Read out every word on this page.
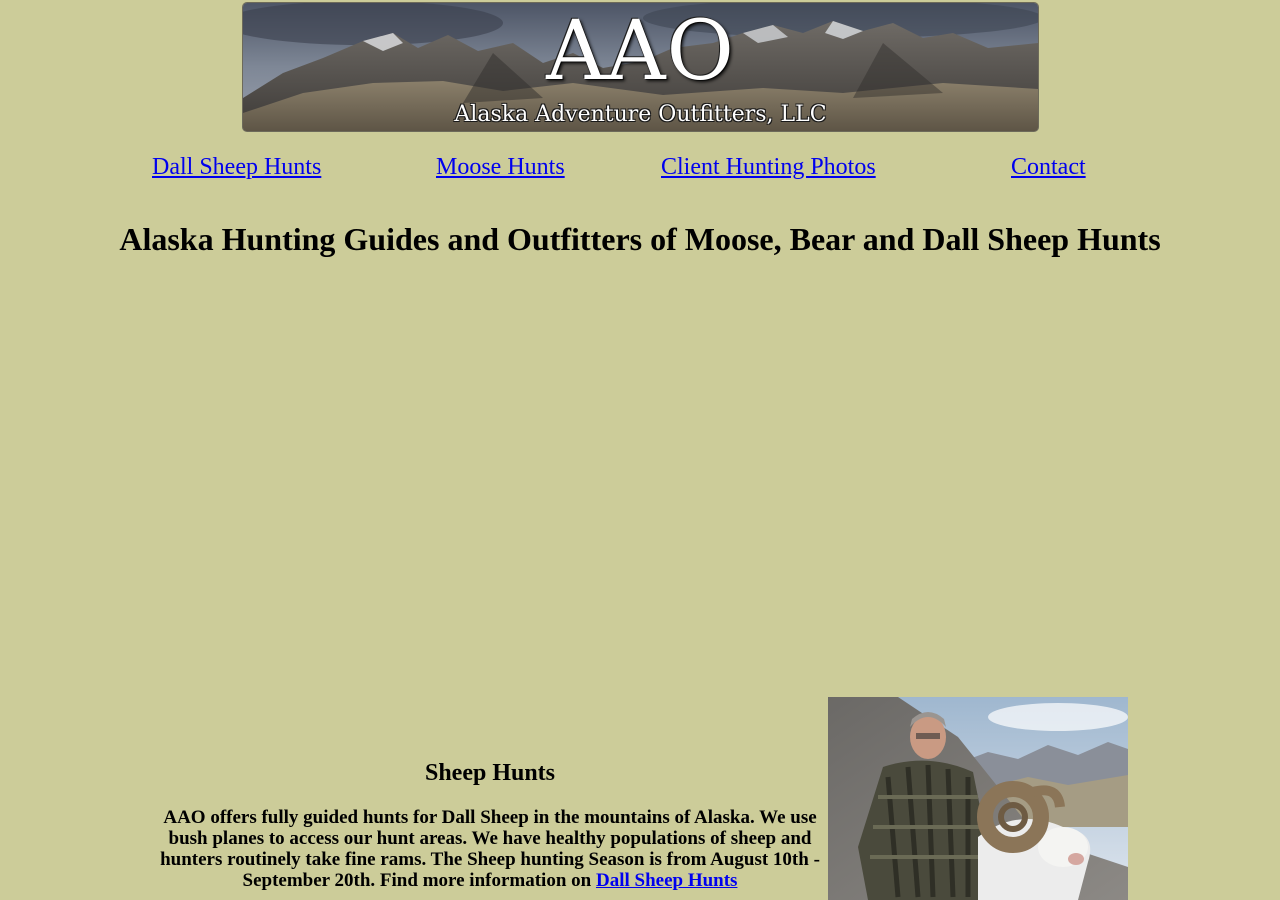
AAO
Alaska Adventure Outfitters, LLC
Dall Sheep Hunts	Moose Hunts	Client Hunting Photos	Contact
Alaska Hunting Guides and Outfitters of Moose, Bear and Dall Sheep Hunts
Sheep Hunts

AAO offers fully guided hunts for Dall Sheep in the mountains of Alaska. We use bush planes to access our hunt areas. We have healthy populations of sheep and hunters routinely take fine rams. The Sheep hunting Season is from August 10th - September 20th. Find more information on Dall Sheep Hunts
